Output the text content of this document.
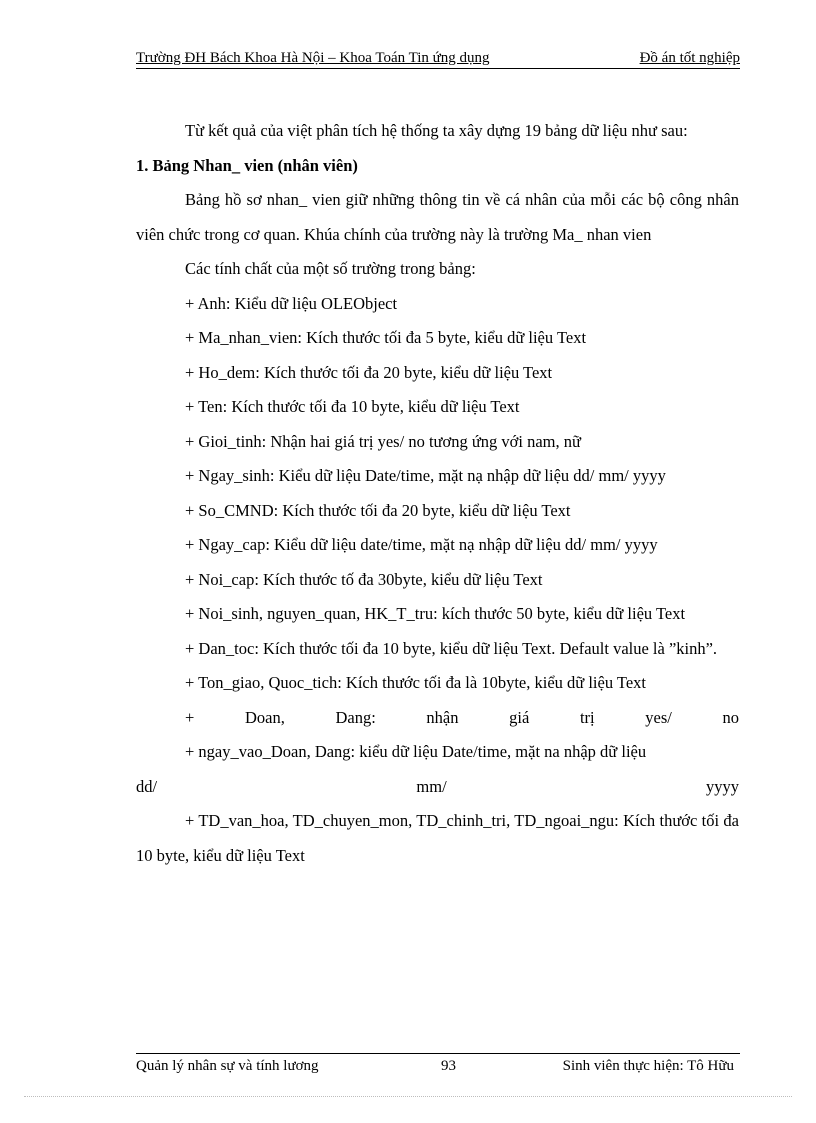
Trường ĐH Bách Khoa Hà Nội – Khoa Toán Tin ứng dụng	Đồ án tốt nghiệp

Từ kết quả của việt phân tích hệ thống ta xây dựng 19 bảng dữ liệu như sau:

1. Bảng Nhan_ vien (nhân viên)

Bảng hồ sơ nhan_ vien giữ những thông tin về cá nhân của mỗi các bộ công nhân viên chức trong cơ quan. Khúa chính của trường này là trường Ma_ nhan vien

Các tính chất của một số trường trong bảng:

+ Anh: Kiểu dữ liệu OLEObject

+ Ma_nhan_vien: Kích thước tối đa 5 byte, kiểu dữ liệu Text

+ Ho_dem: Kích thước tối đa 20 byte, kiểu dữ liệu Text

+ Ten: Kích thước tối đa 10 byte, kiểu dữ liệu Text

+ Gioi_tinh: Nhận hai giá trị yes/ no tương ứng với nam, nữ

+ Ngay_sinh: Kiểu dữ liệu Date/time, mặt nạ nhập dữ liệu dd/ mm/ yyyy

+ So_CMND: Kích thước tối đa 20 byte, kiểu dữ liệu Text

+ Ngay_cap: Kiểu dữ liệu date/time, mặt nạ nhập dữ liệu dd/ mm/ yyyy

+ Noi_cap: Kích thước tố đa 30byte, kiểu dữ liệu Text

+ Noi_sinh, nguyen_quan, HK_T_tru: kích thước 50 byte, kiểu dữ liệu Text

+ Dan_toc: Kích thước tối đa 10 byte, kiểu dữ liệu Text. Default value là ”kinh”.

+ Ton_giao, Quoc_tich: Kích thước tối đa là 10byte, kiểu dữ liệu Text

+ Doan, Dang: nhận giá trị yes/ no

+ ngay_vao_Doan, Dang: kiểu dữ liệu Date/time, mặt na nhập dữ liệu

dd/ mm/ yyyy

+ TD_van_hoa, TD_chuyen_mon, TD_chinh_tri, TD_ngoai_ngu: Kích thước tối đa 10 byte, kiểu dữ liệu Text

Quản lý nhân sự và tính lương	93	Sinh viên thực hiện: Tô Hữu
